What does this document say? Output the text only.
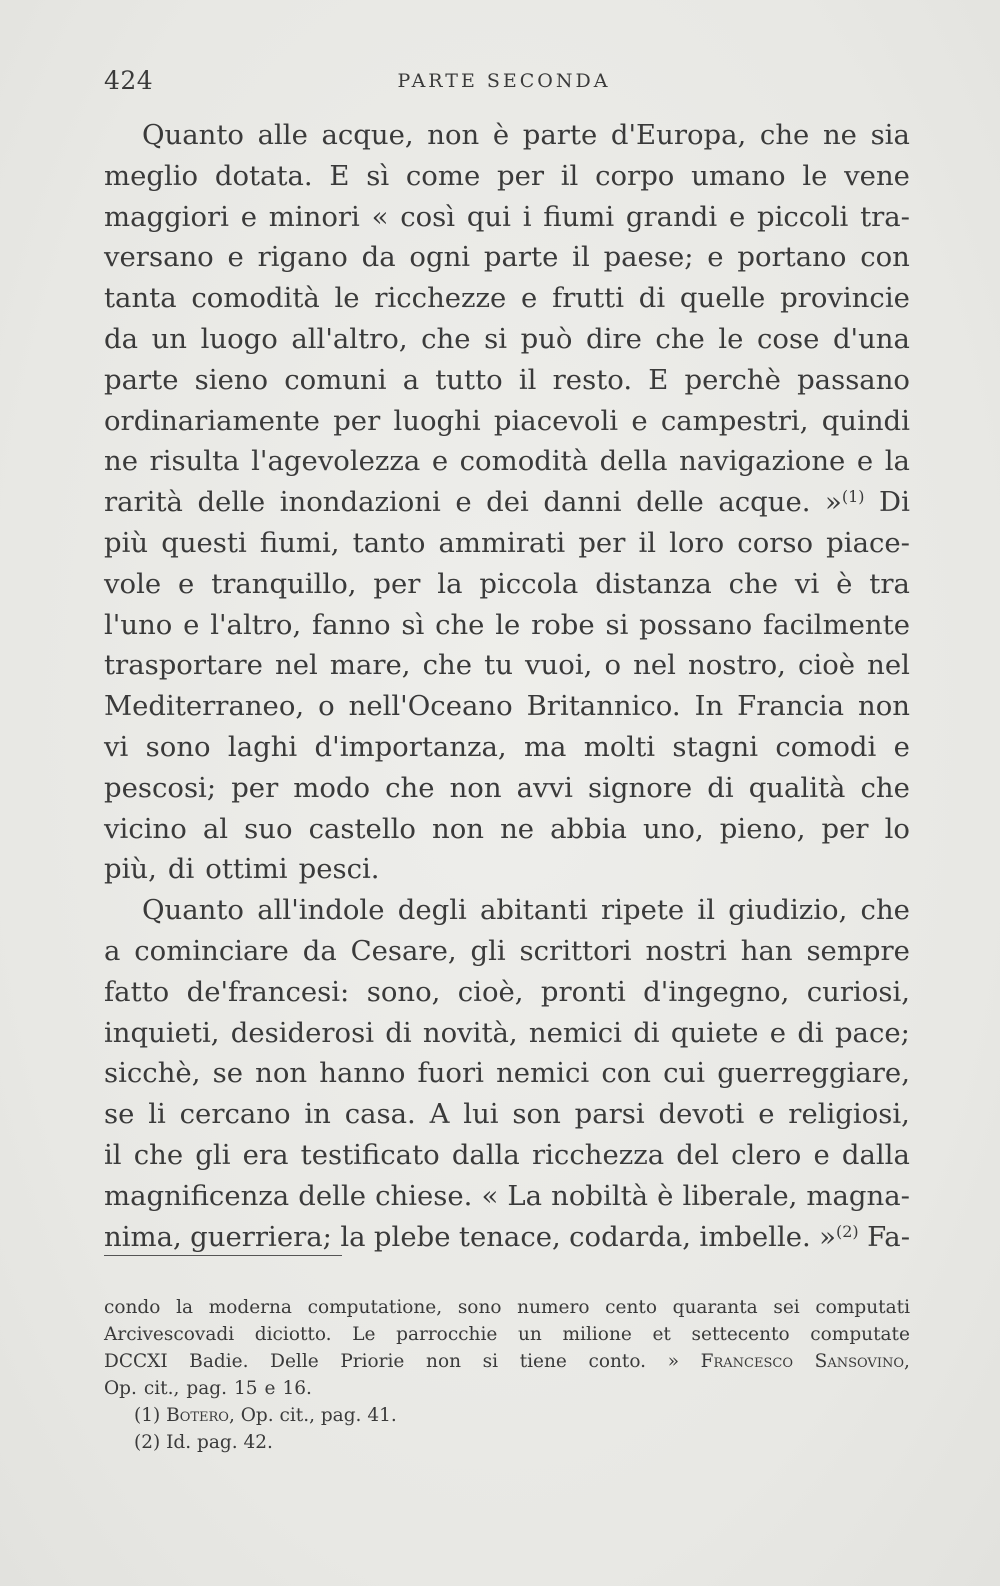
424	PARTE SECONDA
Quanto alle acque, non è parte d'Europa, che ne sia
meglio dotata. E sì come per il corpo umano le vene
maggiori e minori « così qui i fiumi grandi e piccoli tra-
versano e rigano da ogni parte il paese; e portano con
tanta comodità le ricchezze e frutti di quelle provincie
da un luogo all'altro, che si può dire che le cose d'una
parte sieno comuni a tutto il resto. E perchè passano
ordinariamente per luoghi piacevoli e campestri, quindi
ne risulta l'agevolezza e comodità della navigazione e la
rarità delle inondazioni e dei danni delle acque. »$^{(1)}$ Di
più questi fiumi, tanto ammirati per il loro corso piace-
vole e tranquillo, per la piccola distanza che vi è tra
l'uno e l'altro, fanno sì che le robe si possano facilmente
trasportare nel mare, che tu vuoi, o nel nostro, cioè nel
Mediterraneo, o nell'Oceano Britannico. In Francia non
vi sono laghi d'importanza, ma molti stagni comodi e
pescosi; per modo che non avvi signore di qualità che
vicino al suo castello non ne abbia uno, pieno, per lo
più, di ottimi pesci.
Quanto all'indole degli abitanti ripete il giudizio, che
a cominciare da Cesare, gli scrittori nostri han sempre
fatto de'francesi: sono, cioè, pronti d'ingegno, curiosi,
inquieti, desiderosi di novità, nemici di quiete e di pace;
sicchè, se non hanno fuori nemici con cui guerreggiare,
se li cercano in casa. A lui son parsi devoti e religiosi,
il che gli era testificato dalla ricchezza del clero e dalla
magnificenza delle chiese. « La nobiltà è liberale, magna-
nima, guerriera; la plebe tenace, codarda, imbelle. »$^{(2)}$ Fa-
condo la moderna computatione, sono numero cento quaranta sei computati
Arcivescovadi diciotto. Le parrocchie un milione et settecento computate
DCCXI Badie. Delle Priorie non si tiene conto. » Francesco Sansovino,
Op. cit., pag. 15 e 16.
(1) Botero, Op. cit., pag. 41.
(2) Id. pag. 42.
